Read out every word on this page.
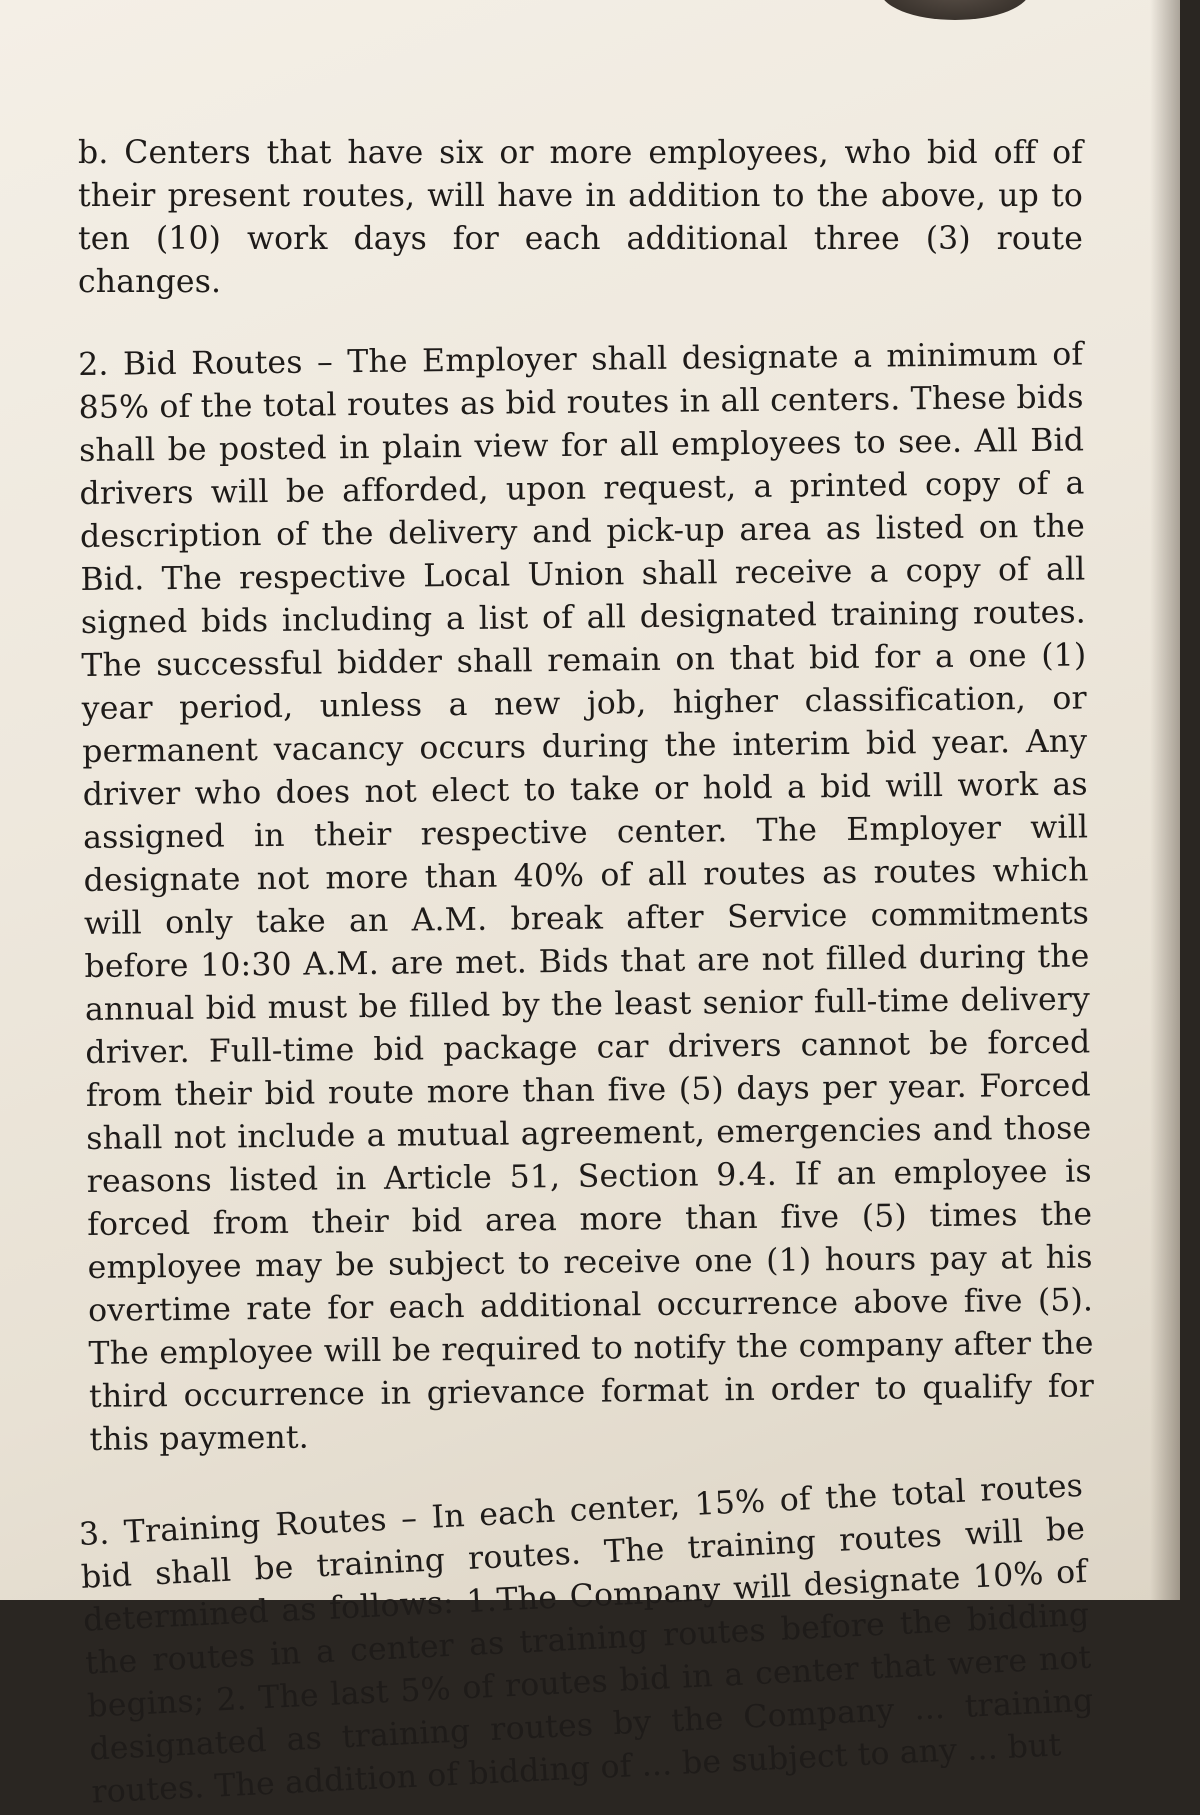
b. Centers that have six or more employees, who bid off of their present routes, will have in addition to the above, up to ten (10) work days for each additional three (3) route changes.

2. Bid Routes – The Employer shall designate a minimum of 85% of the total routes as bid routes in all centers. These bids shall be posted in plain view for all employees to see. All Bid drivers will be afforded, upon request, a printed copy of a description of the delivery and pick-up area as listed on the Bid. The respective Local Union shall receive a copy of all signed bids including a list of all designated training routes. The successful bidder shall remain on that bid for a one (1) year period, unless a new job, higher classification, or permanent vacancy occurs during the interim bid year. Any driver who does not elect to take or hold a bid will work as assigned in their respective center. The Employer will designate not more than 40% of all routes as routes which will only take an A.M. break after Service commitments before 10:30 A.M. are met. Bids that are not filled during the annual bid must be filled by the least senior full-time delivery driver. Full-time bid package car drivers cannot be forced from their bid route more than five (5) days per year. Forced shall not include a mutual agreement, emergencies and those reasons listed in Article 51, Section 9.4. If an employee is forced from their bid area more than five (5) times the employee may be subject to receive one (1) hours pay at his overtime rate for each additional occurrence above five (5). The employee will be required to notify the company after the third occurrence in grievance format in order to qualify for this payment.

3. Training Routes – In each center, 15% of the total routes bid shall be training routes. The training routes will be determined as follows: 1.The Company will designate 10% of the routes in a center as training routes before the bidding begins; 2. The last 5% of routes bid in a center that were not designated as training routes by the Company ... training routes. The addition of bidding of ... be subject to any ... but
